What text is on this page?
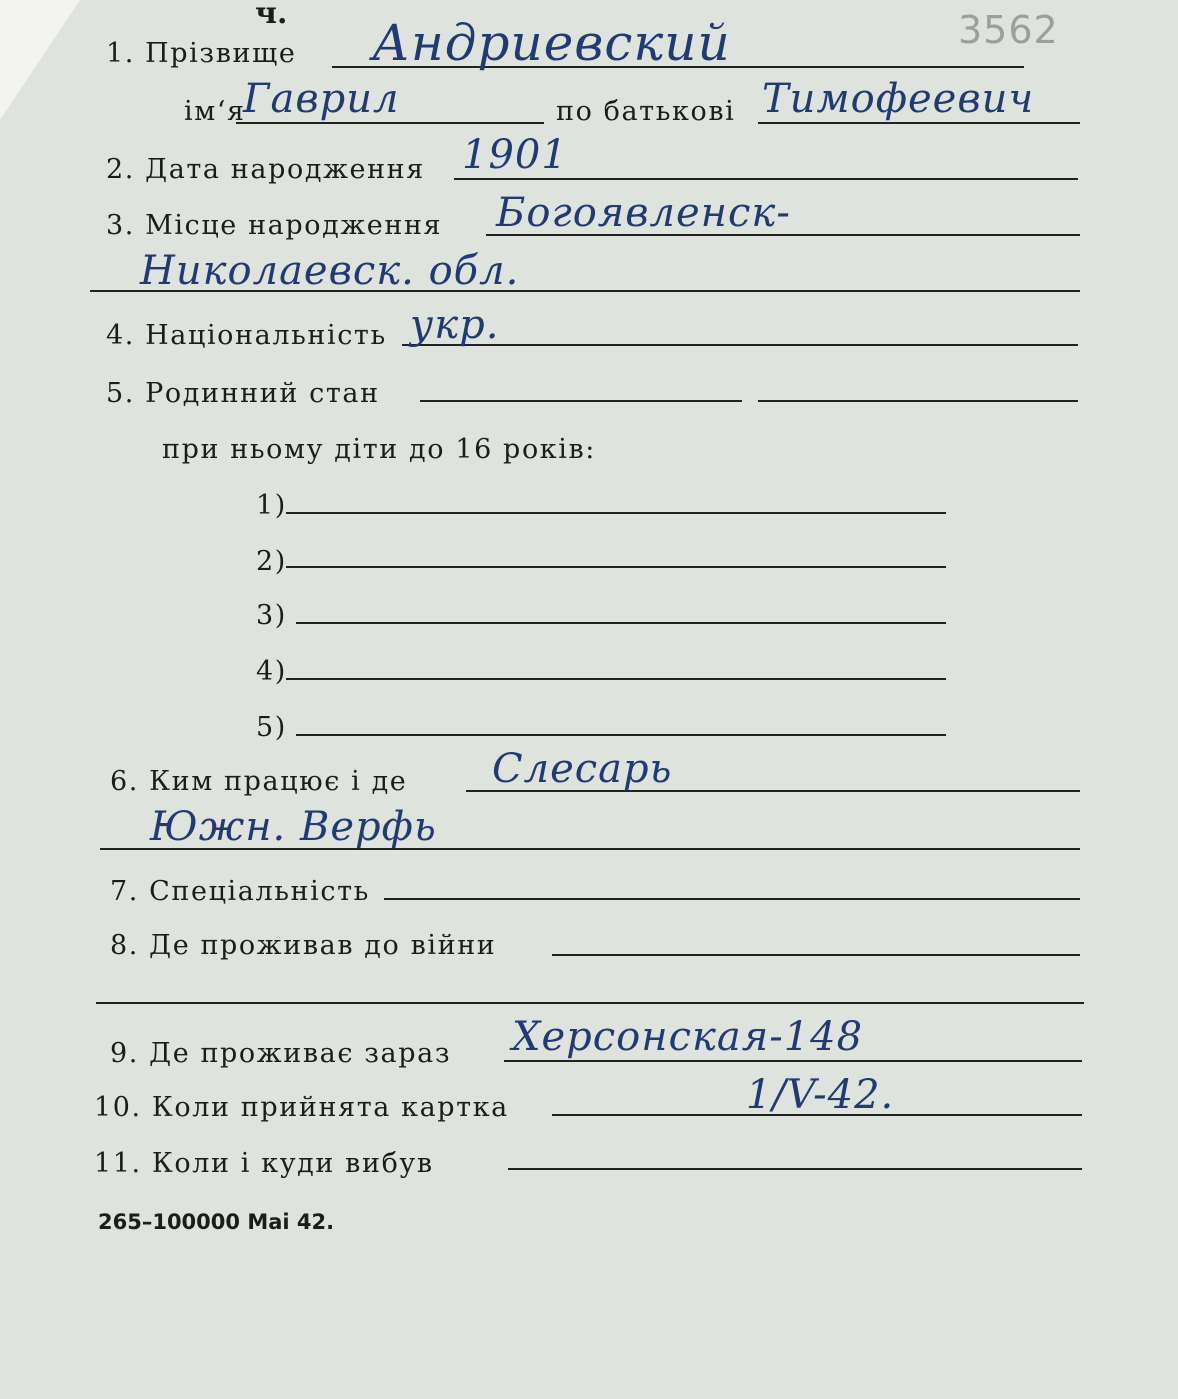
3562
ч.
1. Прізвище Андриевский
ім‘я
Гаврил	по батькові Тимофеевич
2. Дата народження 1901
3. Місце народження Богоявленск-
Николаевск. обл.
4. Національність укр.
5. Родинний стан
при ньому діти до 16 років:
1)
2)
3)
4)
5)
6. Ким працює і де Слесарь
Южн. Верфь
7. Спеціальність
8. Де проживав до війни
9. Де проживає зараз Херсонская-148
10. Коли прийнята картка	1/V-42.
11. Коли і куди вибув
265–100000 Маі 42.
